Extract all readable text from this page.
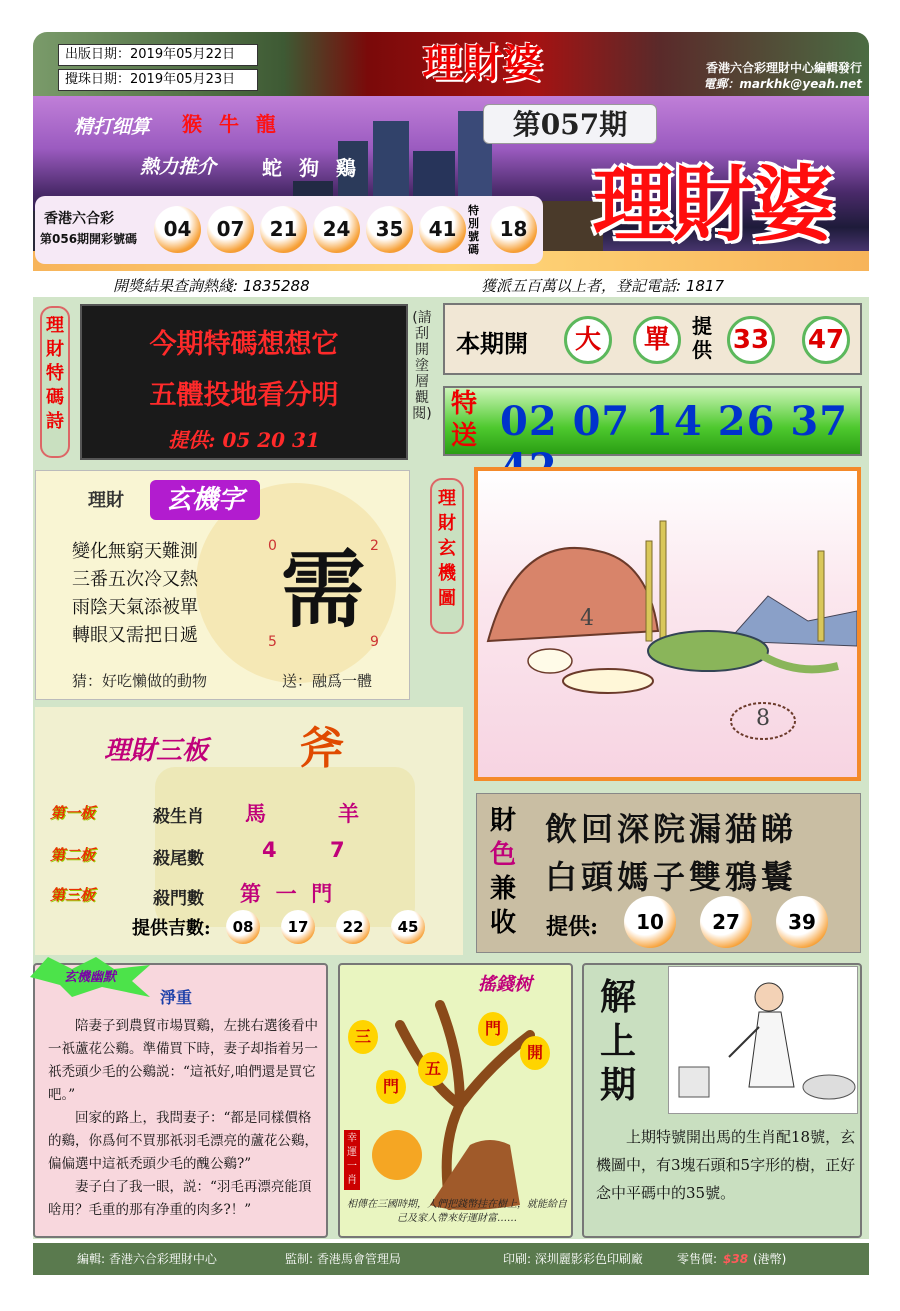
出版日期：2019年05月22日
攪珠日期：2019年05月23日	理財婆	香港六合彩理財中心編輯發行
電郵：markhk@yeah.net
精打细算 猴 牛 龍
熱力推介 蛇 狗 鷄
第057期
理財婆
香港六合彩
第056期開彩號碼	04	07	21	24	35	41
特別號碼
18
開獎結果查詢熱綫: 1835288	獲派五百萬以上者，登記電話: 1817
理財特碼詩
今期特碼想想它
五體投地看分明
提供: 05 20 31
(請刮開塗層觀閱)
本期開	大	單	提供 33 47
特送 02 07 14 26 37
理財	玄機字
變化無窮天難測
三番五次冷又熱
雨陰天氣添被單
轉眼又需把日遞
0	2
5	9
需
猜：好吃懶做的動物	送：融爲一體
理財玄機圖
4
8
理財三板 斧
第一板	殺生肖 馬	羊
第二板	殺尾數	4	7
第三板	殺門數 第  一  門
提供吉數:	08	17	22	45
財
色
兼
收
飲回深院漏猫睇
白頭媽子雙鴉鬟
提供:	10	27	39
玄機幽默
淨重

陪妻子到農貿市場買鷄，左挑右選後看中一祇蘆花公鷄。準備買下時，妻子却指着另一祇禿頭少毛的公鷄説：“這祇好,咱們還是買它吧。”

回家的路上，我問妻子：“都是同樣價格的鷄，你爲何不買那祇羽毛漂亮的蘆花公鷄，偏偏選中這祇禿頭少毛的醜公鷄?”

妻子白了我一眼，説：“羽毛再漂亮能頂啥用？毛重的那有净重的肉多?！”

搖錢树
三	門
五
門
開
幸運一肖
相傳在三國時期，人們把錢幣挂在樹上，就能給自己及家人帶來好運財富……
解上期
上期特號開出馬的生肖配18號，玄機圖中，有3塊石頭和5字形的樹，正好念中平碼中的35號。
編輯: 香港六合彩理財中心	監制: 香港馬會管理局	印刷: 深圳麗影彩色印刷廠	零售價: $38 (港幣)
